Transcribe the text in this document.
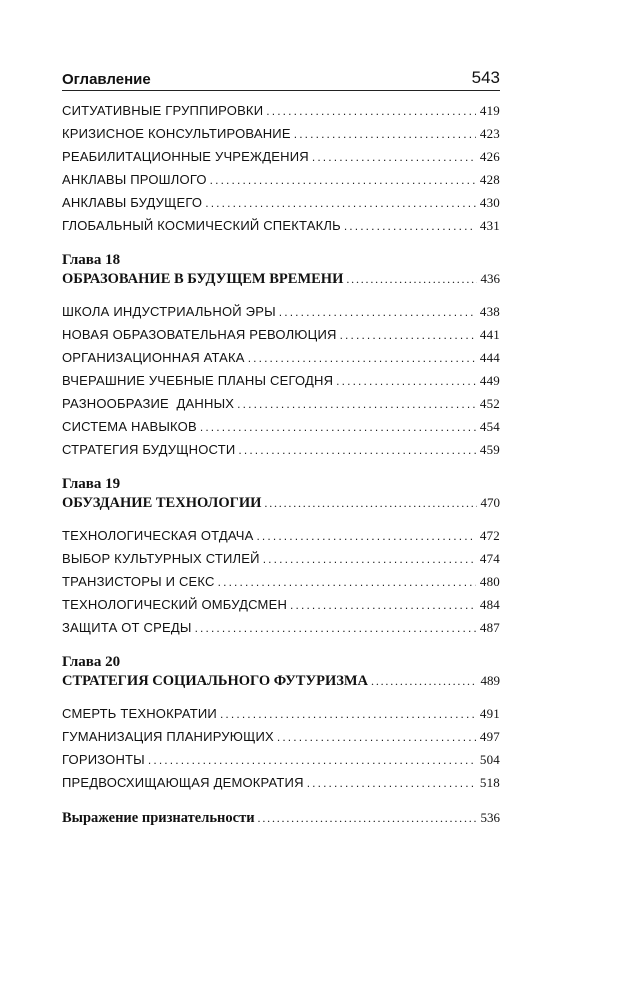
Оглавление	543
СИТУАТИВНЫЕ ГРУППИРОВКИ . . .	419
КРИЗИСНОЕ КОНСУЛЬТИРОВАНИЕ . . .	423
РЕАБИЛИТАЦИОННЫЕ УЧРЕЖДЕНИЯ . . .	426
АНКЛАВЫ ПРОШЛОГО . . .	428
АНКЛАВЫ БУДУЩЕГО . . .	430
ГЛОБАЛЬНЫЙ КОСМИЧЕСКИЙ СПЕКТАКЛЬ . . .	431
Глава 18
ОБРАЗОВАНИЕ В БУДУЩЕМ ВРЕМЕНИ . . .	436
ШКОЛА ИНДУСТРИАЛЬНОЙ ЭРЫ . . .	438
НОВАЯ ОБРАЗОВАТЕЛЬНАЯ РЕВОЛЮЦИЯ . . .	441
ОРГАНИЗАЦИОННАЯ АТАКА . . .	444
ВЧЕРАШНИЕ УЧЕБНЫЕ ПЛАНЫ СЕГОДНЯ . . .	449
РАЗНООБРАЗИЕ  ДАННЫХ . . .	452
СИСТЕМА НАВЫКОВ . . .	454
СТРАТЕГИЯ БУДУЩНОСТИ . . .	459
Глава 19
ОБУЗДАНИЕ ТЕХНОЛОГИИ . . .	470
ТЕХНОЛОГИЧЕСКАЯ ОТДАЧА . . .	472
ВЫБОР КУЛЬТУРНЫХ СТИЛЕЙ . . .	474
ТРАНЗИСТОРЫ И СЕКС . . .	480
ТЕХНОЛОГИЧЕСКИЙ ОМБУДСМЕН . . .	484
ЗАЩИТА ОТ СРЕДЫ . . .	487
Глава 20
СТРАТЕГИЯ СОЦИАЛЬНОГО ФУТУРИЗМА . . .	489
СМЕРТЬ ТЕХНОКРАТИИ . . .	491
ГУМАНИЗАЦИЯ ПЛАНИРУЮЩИХ . . .	497
ГОРИЗОНТЫ . . .	504
ПРЕДВОСХИЩАЮЩАЯ ДЕМОКРАТИЯ . . .	518
Выражение признательности . . .	536
